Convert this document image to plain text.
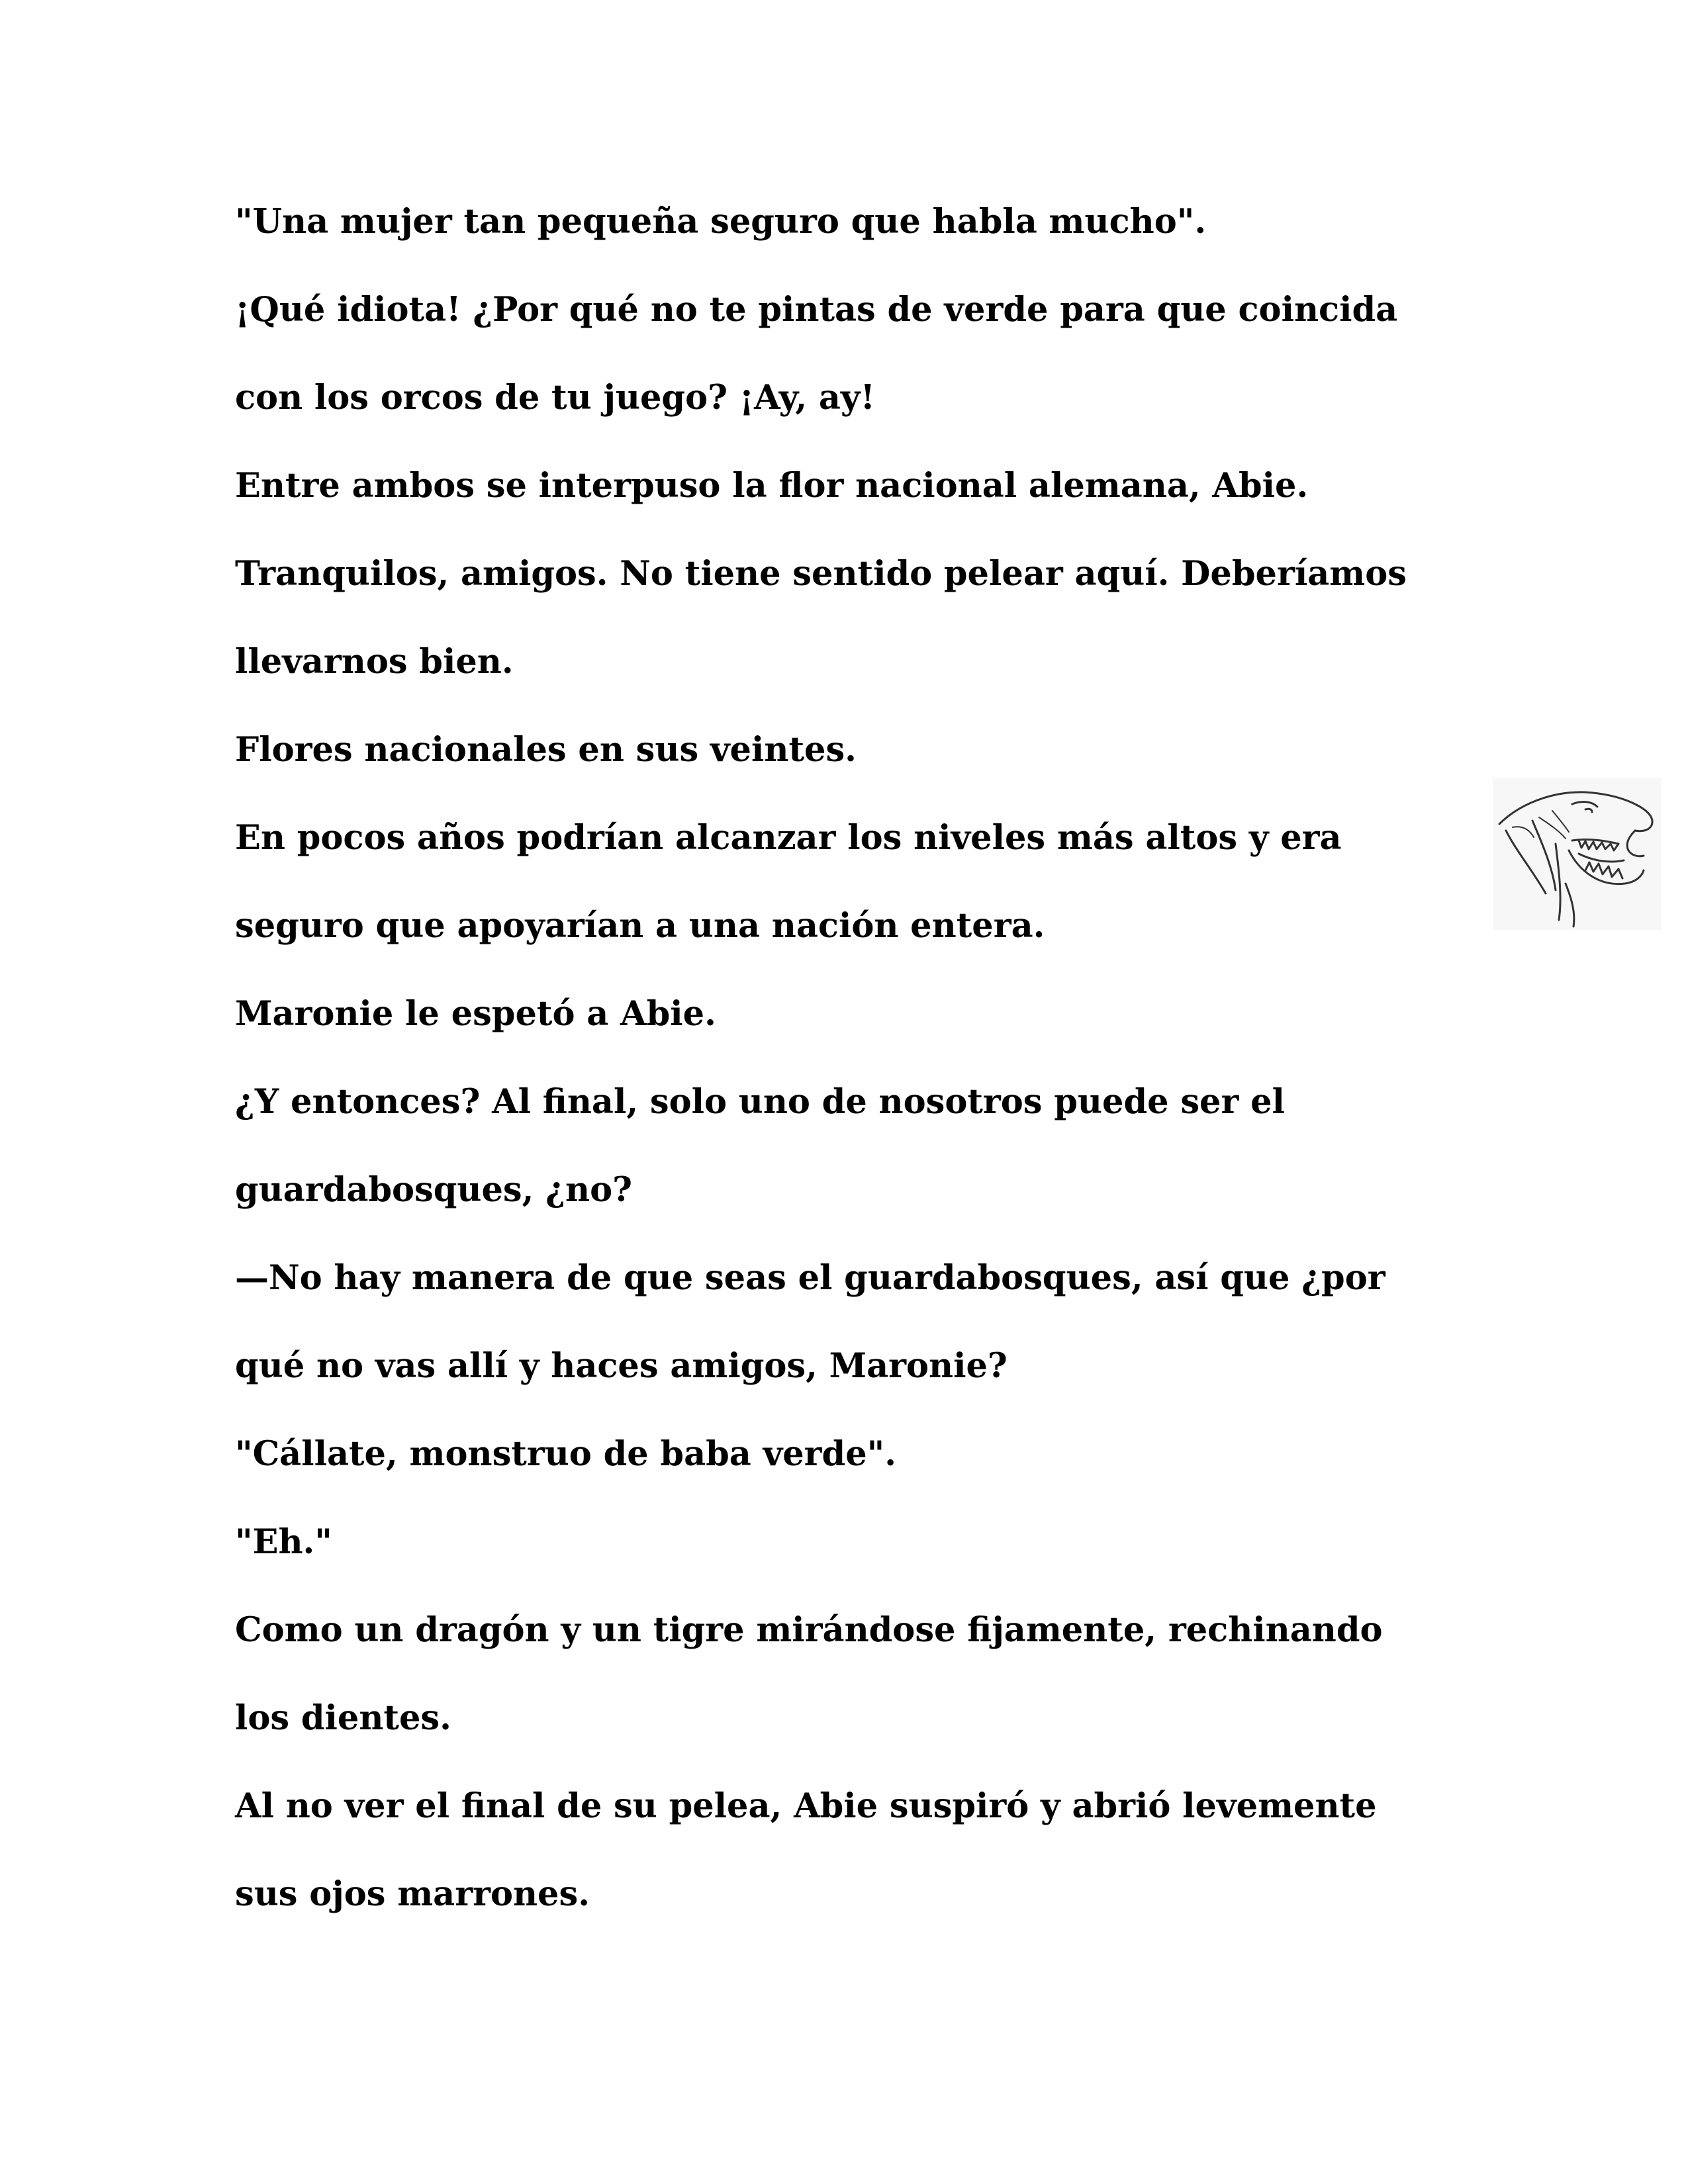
"Una mujer tan pequeña seguro que habla mucho".
¡Qué idiota! ¿Por qué no te pintas de verde para que coincida
con los orcos de tu juego? ¡Ay, ay!
Entre ambos se interpuso la flor nacional alemana, Abie.
Tranquilos, amigos. No tiene sentido pelear aquí. Deberíamos
llevarnos bien.
Flores nacionales en sus veintes.
En pocos años podrían alcanzar los niveles más altos y era
seguro que apoyarían a una nación entera.
Maronie le espetó a Abie.
¿Y entonces? Al final, solo uno de nosotros puede ser el
guardabosques, ¿no?
—No hay manera de que seas el guardabosques, así que ¿por
qué no vas allí y haces amigos, Maronie?
"Cállate, monstruo de baba verde".
"Eh."
Como un dragón y un tigre mirándose fijamente, rechinando
los dientes.
Al no ver el final de su pelea, Abie suspiró y abrió levemente
sus ojos marrones.
